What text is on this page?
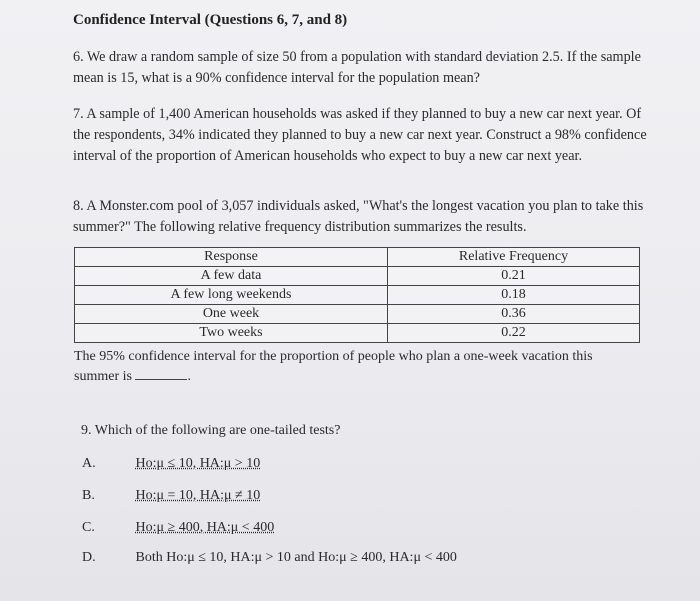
Confidence Interval (Questions 6, 7, and 8)
6. We draw a random sample of size 50 from a population with standard deviation 2.5. If the sample mean is 15, what is a 90% confidence interval for the population mean?
7. A sample of 1,400 American households was asked if they planned to buy a new car next year. Of the respondents, 34% indicated they planned to buy a new car next year. Construct a 98% confidence interval of the proportion of American households who expect to buy a new car next year.
8. A Monster.com pool of 3,057 individuals asked, "What's the longest vacation you plan to take this summer?" The following relative frequency distribution summarizes the results.
Response	Relative Frequency
A few data	0.21
A few long weekends	0.18
One week	0.36
Two weeks	0.22
The 95% confidence interval for the proportion of people who plan a one-week vacation this summer is	.
9. Which of the following are one-tailed tests?
A.	Ho:μ ≤ 10, HA:μ > 10
B.	Ho:μ = 10, HA:μ ≠ 10
C.	Ho:μ ≥ 400, HA:μ < 400
D.	Both Ho:μ ≤ 10, HA:μ > 10 and Ho:μ ≥ 400, HA:μ < 400
